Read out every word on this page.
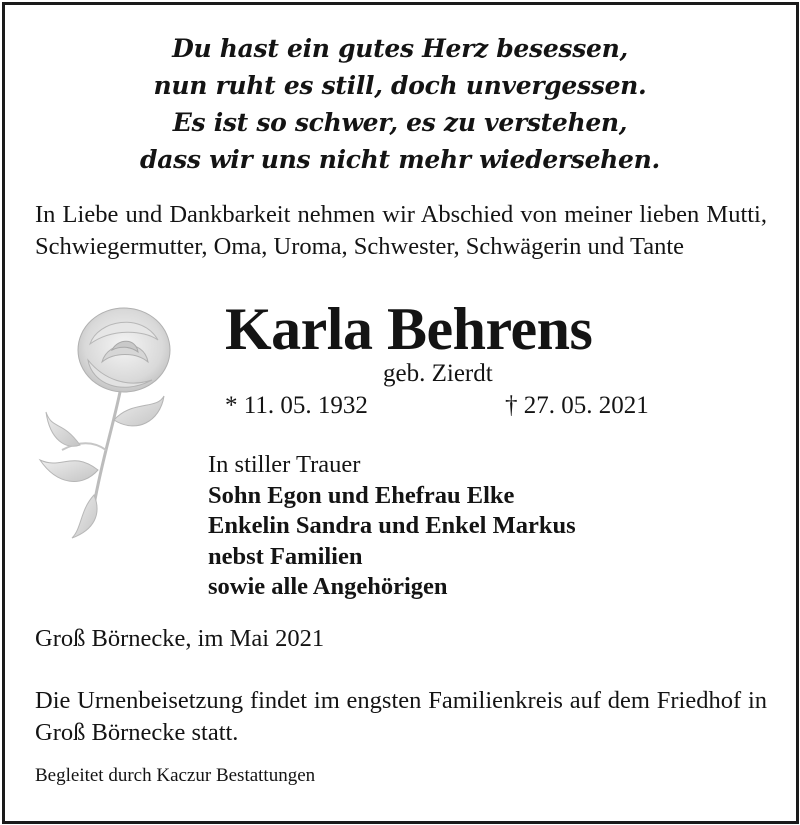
Du hast ein gutes Herz besessen,
nun ruht es still, doch unvergessen.
Es ist so schwer, es zu verstehen,
dass wir uns nicht mehr wiedersehen.
In Liebe und Dankbarkeit nehmen wir Abschied von meiner lieben Mutti, Schwiegermutter, Oma, Uroma, Schwester, Schwägerin und Tante
Karla Behrens
geb. Zierdt
* 11. 05. 1932	† 27. 05. 2021
In stiller Trauer
Sohn Egon und Ehefrau Elke
Enkelin Sandra und Enkel Markus
nebst Familien
sowie alle Angehörigen
Groß Börnecke, im Mai 2021
Die Urnenbeisetzung findet im engsten Familienkreis auf dem Friedhof in Groß Börnecke statt.
Begleitet durch Kaczur Bestattungen
